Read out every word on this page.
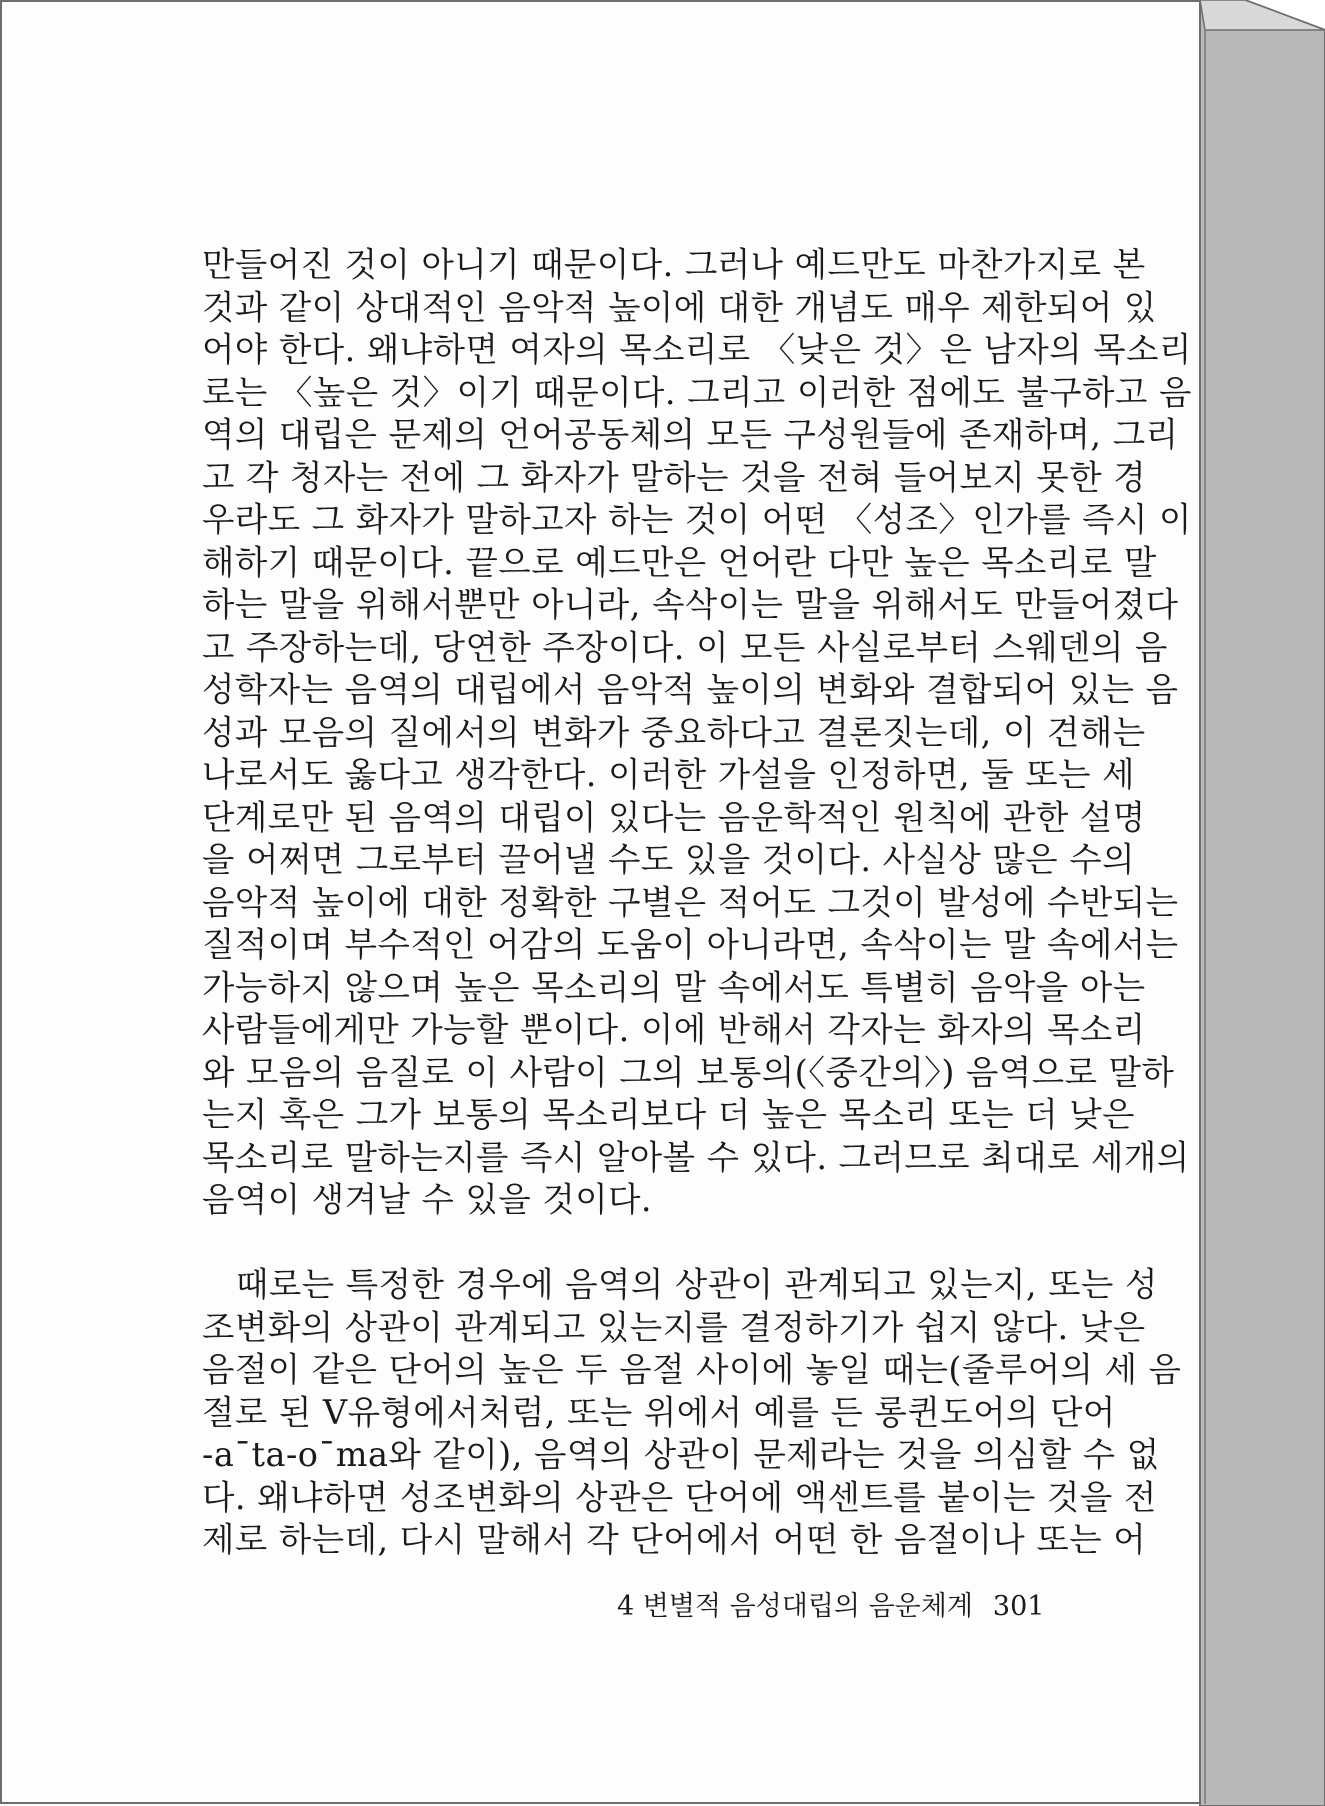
만들어진 것이 아니기 때문이다. 그러나 예드만도 마찬가지로 본
것과 같이 상대적인 음악적 높이에 대한 개념도 매우 제한되어 있
어야 한다. 왜냐하면 여자의 목소리로 〈낮은 것〉은 남자의 목소리
로는 〈높은 것〉이기 때문이다. 그리고 이러한 점에도 불구하고 음
역의 대립은 문제의 언어공동체의 모든 구성원들에 존재하며, 그리
고 각 청자는 전에 그 화자가 말하는 것을 전혀 들어보지 못한 경
우라도 그 화자가 말하고자 하는 것이 어떤 〈성조〉인가를 즉시 이
해하기 때문이다. 끝으로 예드만은 언어란 다만 높은 목소리로 말
하는 말을 위해서뿐만 아니라, 속삭이는 말을 위해서도 만들어졌다
고 주장하는데, 당연한 주장이다. 이 모든 사실로부터 스웨덴의 음
성학자는 음역의 대립에서 음악적 높이의 변화와 결합되어 있는 음
성과 모음의 질에서의 변화가 중요하다고 결론짓는데, 이 견해는
나로서도 옳다고 생각한다. 이러한 가설을 인정하면, 둘 또는 세
단계로만 된 음역의 대립이 있다는 음운학적인 원칙에 관한 설명
을 어쩌면 그로부터 끌어낼 수도 있을 것이다. 사실상 많은 수의
음악적 높이에 대한 정확한 구별은 적어도 그것이 발성에 수반되는
질적이며 부수적인 어감의 도움이 아니라면, 속삭이는 말 속에서는
가능하지 않으며 높은 목소리의 말 속에서도 특별히 음악을 아는
사람들에게만 가능할 뿐이다. 이에 반해서 각자는 화자의 목소리
와 모음의 음질로 이 사람이 그의 보통의(〈중간의〉) 음역으로 말하
는지 혹은 그가 보통의 목소리보다 더 높은 목소리 또는 더 낮은
목소리로 말하는지를 즉시 알아볼 수 있다. 그러므로 최대로 세개의
음역이 생겨날 수 있을 것이다.
때로는 특정한 경우에 음역의 상관이 관계되고 있는지, 또는 성
조변화의 상관이 관계되고 있는지를 결정하기가 쉽지 않다. 낮은
음절이 같은 단어의 높은 두 음절 사이에 놓일 때는(줄루어의 세 음
절로 된 V유형에서처럼, 또는 위에서 예를 든 롱퀸도어의 단어
-a¯ta-o¯ma와 같이), 음역의 상관이 문제라는 것을 의심할 수 없
다. 왜냐하면 성조변화의 상관은 단어에 액센트를 붙이는 것을 전
제로 하는데, 다시 말해서 각 단어에서 어떤 한 음절이나 또는 어
4 변별적 음성대립의 음운체계 301
